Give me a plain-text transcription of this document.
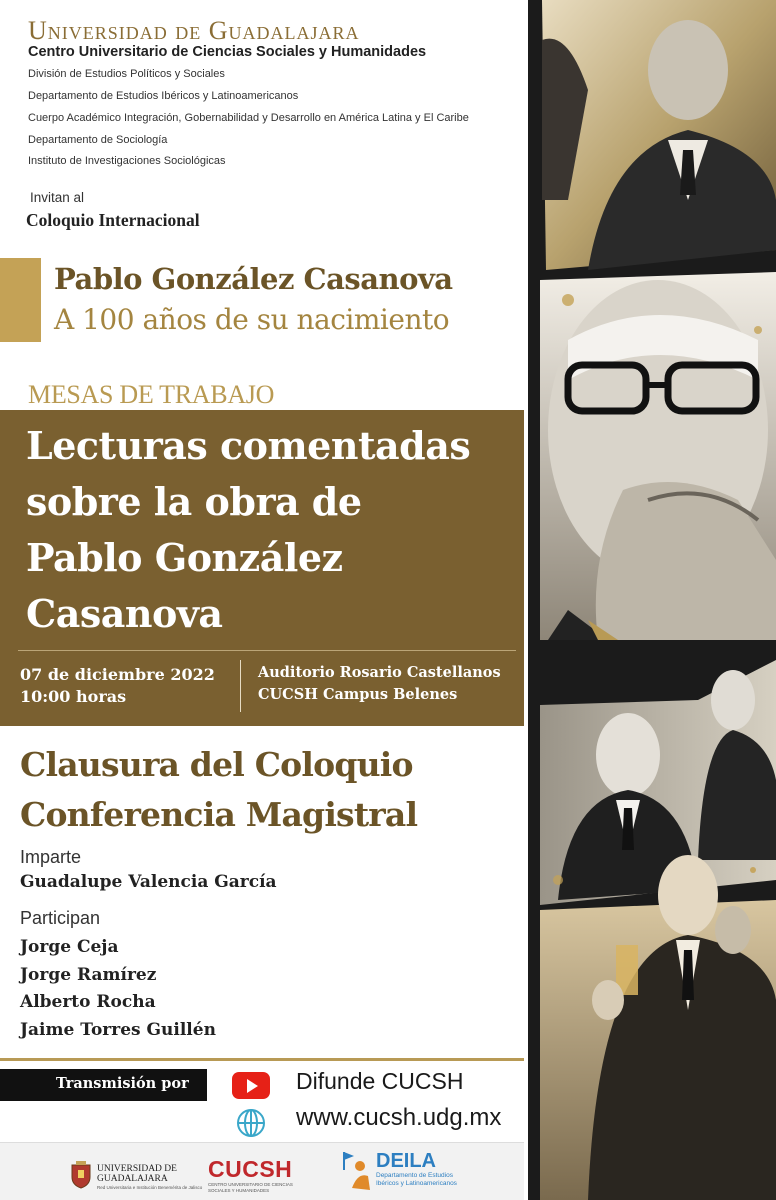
Universidad de Guadalajara
Centro Universitario de Ciencias Sociales y Humanidades
División de Estudios Políticos y Sociales
Departamento de Estudios Ibéricos y Latinoamericanos
Cuerpo Académico Integración, Gobernabilidad y Desarrollo en América Latina y El Caribe
Departamento de Sociología
Instituto de Investigaciones Sociológicas
Invitan al
Coloquio Internacional
Pablo González Casanova
A 100 años de su nacimiento
MESAS DE TRABAJO
Lecturas comentadas
sobre la obra de
Pablo González
Casanova
07 de diciembre 2022
10:00 horas
Auditorio Rosario Castellanos
CUCSH Campus Belenes
Clausura del Coloquio
Conferencia Magistral
Imparte
Guadalupe Valencia García
Participan
Jorge Ceja
Jorge Ramírez
Alberto Rocha
Jaime Torres Guillén
Transmisión por	Difunde CUCSH
www.cucsh.udg.mx
UNIVERSIDAD DE
GUADALAJARA
Red Universitaria e Institución Benemérita de Jalisco
CUCSH
CENTRO UNIVERSITARIO DE CIENCIAS SOCIALES Y HUMANIDADES
DEILA
Departamento de Estudios Ibéricos y Latinoamericanos
